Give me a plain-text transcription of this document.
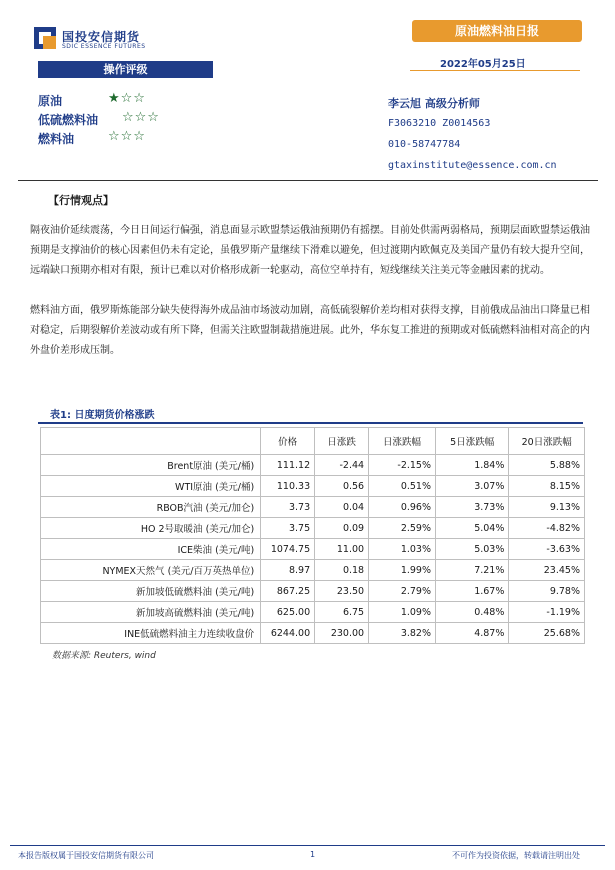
国投安信期货
SDIC ESSENCE FUTURES
原油燃料油日报
2022年05月25日
操作评级
原油	★☆☆
低硫燃料油 ☆☆☆
燃料油	☆☆☆
李云旭 高级分析师
F3063210 Z0014563
010-58747784
gtaxinstitute@essence.com.cn
【行情观点】

隔夜油价延续震荡，今日日间运行偏强，消息面显示欧盟禁运俄油预期仍有摇摆。目前处供需两弱格局，预期层面欧盟禁运俄油预期是支撑油价的核心因素但仍未有定论，虽俄罗斯产量继续下滑难以避免，但过渡期内欧佩克及美国产量仍有较大提升空间，远端缺口预期亦相对有限，预计已难以对价格形成新一轮驱动，高位空单持有，短线继续关注美元等金融因素的扰动。

燃料油方面，俄罗斯炼能部分缺失使得海外成品油市场波动加剧，高低硫裂解价差均相对获得支撑，目前俄成品油出口降量已相对稳定，后期裂解价差波动或有所下降，但需关注欧盟制裁措施进展。此外，华东复工推进的预期或对低硫燃料油相对高企的内外盘价差形成压制。

表1: 日度期货价格涨跌
	价格	日涨跌	日涨跌幅	5日涨跌幅	20日涨跌幅
Brent原油 (美元/桶)	111.12	-2.44	-2.15%	1.84%	5.88%
WTI原油 (美元/桶)	110.33	0.56	0.51%	3.07%	8.15%
RBOB汽油 (美元/加仑)	3.73	0.04	0.96%	3.73%	9.13%
HO 2号取暖油 (美元/加仑)	3.75	0.09	2.59%	5.04%	-4.82%
ICE柴油 (美元/吨)	1074.75	11.00	1.03%	5.03%	-3.63%
NYMEX天然气 (美元/百万英热单位)	8.97	0.18	1.99%	7.21%	23.45%
新加坡低硫燃料油 (美元/吨)	867.25	23.50	2.79%	1.67%	9.78%
新加坡高硫燃料油 (美元/吨)	625.00	6.75	1.09%	0.48%	-1.19%
INE低硫燃料油主力连续收盘价	6244.00	230.00	3.82%	4.87%	25.68%
数据来源: Reuters, wind
本报告版权属于国投安信期货有限公司	1	不可作为投资依据，转载请注明出处
